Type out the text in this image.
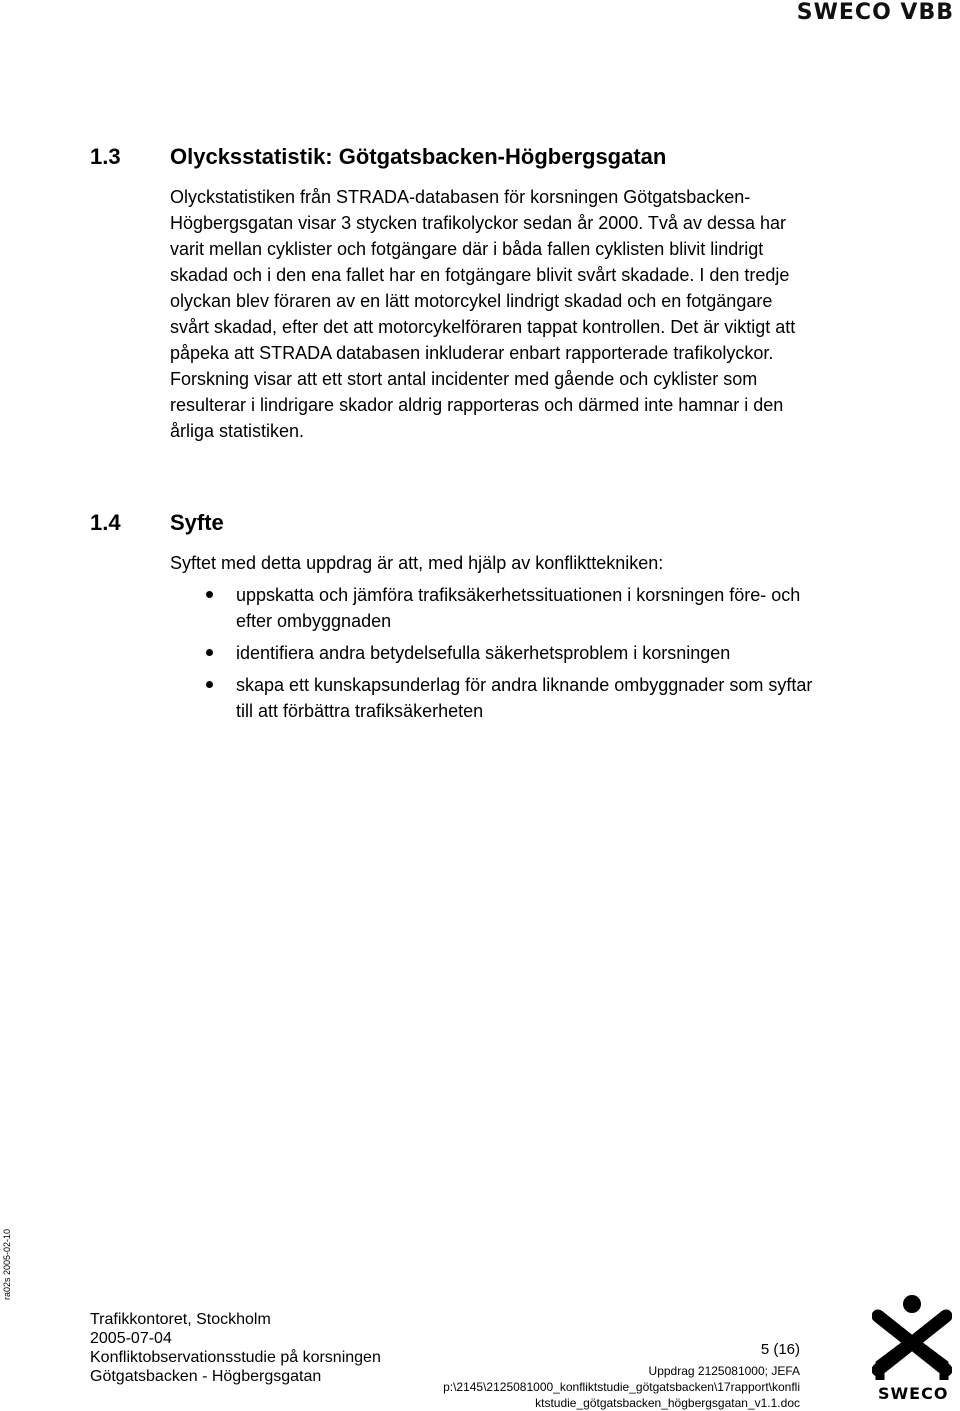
SWECO VBB
1.3 Olycksstatistik: Götgatsbacken-Högbergsgatan

Olyckstatistiken från STRADA-databasen för korsningen Götgatsbacken-Högbergsgatan visar 3 stycken trafikolyckor sedan år 2000. Två av dessa har varit mellan cyklister och fotgängare där i båda fallen cyklisten blivit lindrigt skadad och i den ena fallet har en fotgängare blivit svårt skadade. I den tredje olyckan blev föraren av en lätt motorcykel lindrigt skadad och en fotgängare svårt skadad, efter det att motorcykelföraren tappat kontrollen. Det är viktigt att påpeka att STRADA databasen inkluderar enbart rapporterade trafikolyckor. Forskning visar att ett stort antal incidenter med gående och cyklister som resulterar i lindrigare skador aldrig rapporteras och därmed inte hamnar i den årliga statistiken.

1.4 Syfte

Syftet med detta uppdrag är att, med hjälp av konflikttekniken:

uppskatta och jämföra trafiksäkerhetssituationen i korsningen före- och efter ombyggnaden
identifiera andra betydelsefulla säkerhetsproblem i korsningen
skapa ett kunskapsunderlag för andra liknande ombyggnader som syftar till att förbättra trafiksäkerheten
ra02s 2005-02-10
Trafikkontoret, Stockholm
2005-07-04
Konfliktobservationsstudie på korsningen
Götgatsbacken - Högbergsgatan
5 (16)
Uppdrag 2125081000; JEFA
p:\2145\2125081000_konfliktstudie_götgatsbacken\17rapport\konfli
ktstudie_götgatsbacken_högbergsgatan_v1.1.doc	SWECO
